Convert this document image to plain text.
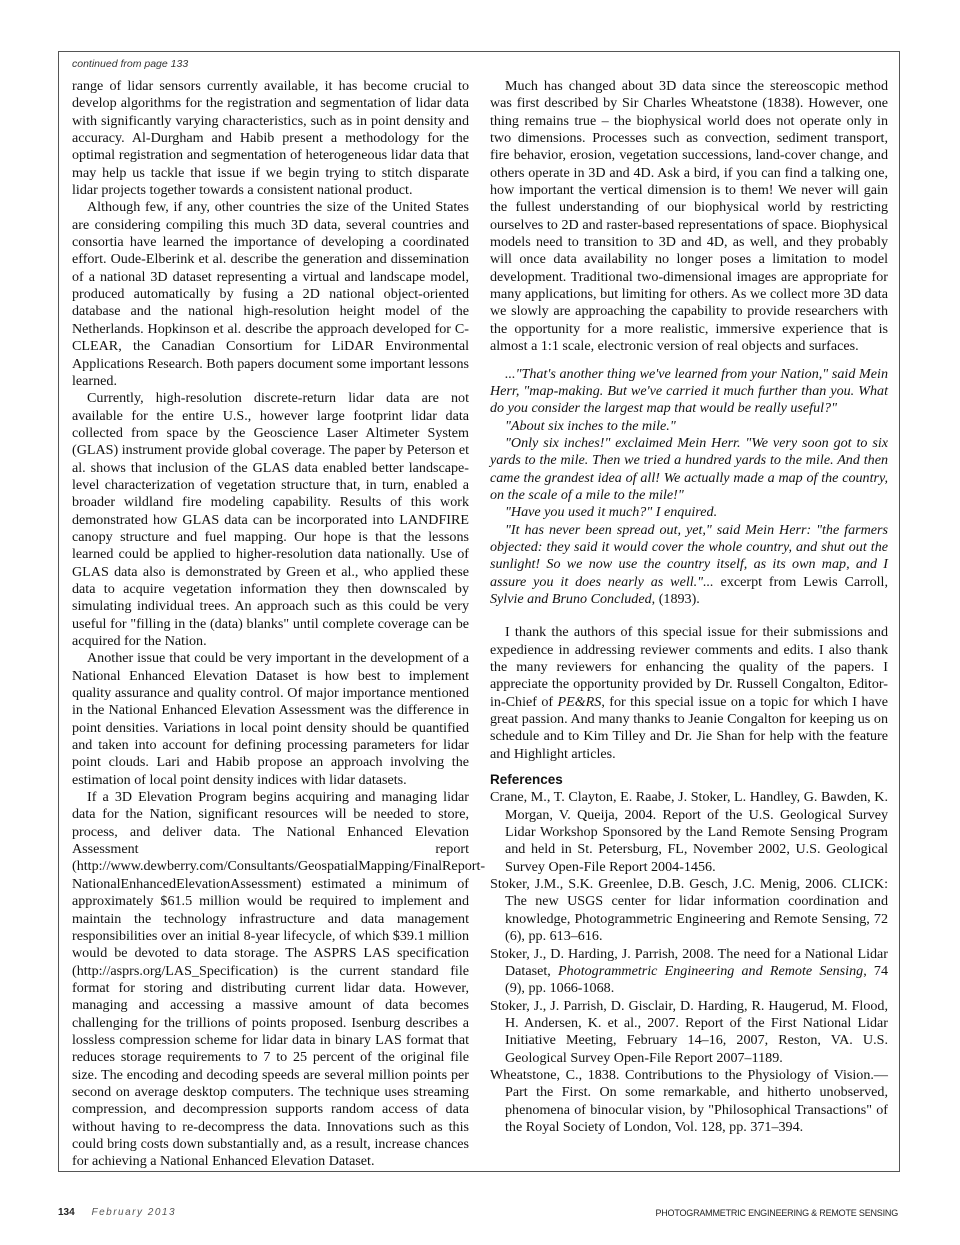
continued from page 133

range of lidar sensors currently available, it has become crucial to develop algorithms for the registration and segmentation of lidar data with significantly varying characteristics, such as in point density and accuracy. Al-Durgham and Habib present a methodology for the optimal registration and segmentation of heterogeneous lidar data that may help us tackle that issue if we begin trying to stitch disparate lidar projects together towards a consistent national product.

Although few, if any, other countries the size of the United States are considering compiling this much 3D data, several countries and consortia have learned the importance of developing a coordinated effort. Oude-Elberink et al. describe the generation and dissemination of a national 3D dataset representing a virtual and landscape model, produced automatically by fusing a 2D national object-oriented database and the national high-resolution height model of the Netherlands. Hopkinson et al. describe the approach developed for C-CLEAR, the Canadian Consortium for LiDAR Environmental Applications Research. Both papers document some important lessons learned.

Currently, high-resolution discrete-return lidar data are not available for the entire U.S., however large footprint lidar data collected from space by the Geoscience Laser Altimeter System (GLAS) instrument provide global coverage. The paper by Peterson et al. shows that inclusion of the GLAS data enabled better landscape-level characterization of vegetation structure that, in turn, enabled a broader wildland fire modeling capability. Results of this work demonstrated how GLAS data can be incorporated into LANDFIRE canopy structure and fuel mapping. Our hope is that the lessons learned could be applied to higher-resolution data nationally. Use of GLAS data also is demonstrated by Green et al., who applied these data to acquire vegetation information they then downscaled by simulating individual trees. An approach such as this could be very useful for "filling in the (data) blanks" until complete coverage can be acquired for the Nation.

Another issue that could be very important in the development of a National Enhanced Elevation Dataset is how best to implement quality assurance and quality control. Of major importance mentioned in the National Enhanced Elevation Assessment was the difference in point densities. Variations in local point density should be quantified and taken into account for defining processing parameters for lidar point clouds. Lari and Habib propose an approach involving the estimation of local point density indices with lidar datasets.

If a 3D Elevation Program begins acquiring and managing lidar data for the Nation, significant resources will be needed to store, process, and deliver data. The National Enhanced Elevation Assessment report (http://www.dewberry.com/Consultants/GeospatialMapping/FinalReport-NationalEnhancedElevationAssessment) estimated a minimum of approximately $61.5 million would be required to implement and maintain the technology infrastructure and data management responsibilities over an initial 8-year lifecycle, of which $39.1 million would be devoted to data storage. The ASPRS LAS specification (http://asprs.org/LAS_Specification) is the current standard file format for storing and distributing current lidar data. However, managing and accessing a massive amount of data becomes challenging for the trillions of points proposed. Isenburg describes a lossless compression scheme for lidar data in binary LAS format that reduces storage requirements to 7 to 25 percent of the original file size. The encoding and decoding speeds are several million points per second on average desktop computers. The technique uses streaming compression, and decompression supports random access of data without having to re-decompress the data. Innovations such as this could bring costs down substantially and, as a result, increase chances for achieving a National Enhanced Elevation Dataset.

Much has changed about 3D data since the stereoscopic method was first described by Sir Charles Wheatstone (1838). However, one thing remains true – the biophysical world does not operate only in two dimensions. Processes such as convection, sediment transport, fire behavior, erosion, vegetation successions, land-cover change, and others operate in 3D and 4D. Ask a bird, if you can find a talking one, how important the vertical dimension is to them! We never will gain the fullest understanding of our biophysical world by restricting ourselves to 2D and raster-based representations of space. Biophysical models need to transition to 3D and 4D, as well, and they probably will once data availability no longer poses a limitation to model development. Traditional two-dimensional images are appropriate for many applications, but limiting for others. As we collect more 3D data we slowly are approaching the capability to provide researchers with the opportunity for a more realistic, immersive experience that is almost a 1:1 scale, electronic version of real objects and surfaces.

..."That's another thing we've learned from your Nation," said Mein Herr, "map-making. But we've carried it much further than you. What do you consider the largest map that would be really useful?"

"About six inches to the mile."

"Only six inches!" exclaimed Mein Herr. "We very soon got to six yards to the mile. Then we tried a hundred yards to the mile. And then came the grandest idea of all! We actually made a map of the country, on the scale of a mile to the mile!"

"Have you used it much?" I enquired.

"It has never been spread out, yet," said Mein Herr: "the farmers objected: they said it would cover the whole country, and shut out the sunlight! So we now use the country itself, as its own map, and I assure you it does nearly as well."... excerpt from Lewis Carroll, Sylvie and Bruno Concluded, (1893).

I thank the authors of this special issue for their submissions and expedience in addressing reviewer comments and edits. I also thank the many reviewers for enhancing the quality of the papers. I appreciate the opportunity provided by Dr. Russell Congalton, Editor-in-Chief of PE&RS, for this special issue on a topic for which I have great passion. And many thanks to Jeanie Congalton for keeping us on schedule and to Kim Tilley and Dr. Jie Shan for help with the feature and Highlight articles.

References

Crane, M., T. Clayton, E. Raabe, J. Stoker, L. Handley, G. Bawden, K. Morgan, V. Queija, 2004. Report of the U.S. Geological Survey Lidar Workshop Sponsored by the Land Remote Sensing Program and held in St. Petersburg, FL, November 2002, U.S. Geological Survey Open-File Report 2004-1456.

Stoker, J.M., S.K. Greenlee, D.B. Gesch, J.C. Menig, 2006. CLICK: The new USGS center for lidar information coordination and knowledge, Photogrammetric Engineering and Remote Sensing, 72 (6), pp. 613–616.

Stoker, J., D. Harding, J. Parrish, 2008. The need for a National Lidar Dataset, Photogrammetric Engineering and Remote Sensing, 74 (9), pp. 1066-1068.

Stoker, J., J. Parrish, D. Gisclair, D. Harding, R. Haugerud, M. Flood, H. Andersen, K. et al., 2007. Report of the First National Lidar Initiative Meeting, February 14–16, 2007, Reston, VA. U.S. Geological Survey Open-File Report 2007–1189.

Wheatstone, C., 1838. Contributions to the Physiology of Vision.— Part the First. On some remarkable, and hitherto unobserved, phenomena of binocular vision, by "Philosophical Transactions" of the Royal Society of London, Vol. 128, pp. 371–394.

134 February 2013	PHOTOGRAMMETRIC ENGINEERING & REMOTE SENSING
